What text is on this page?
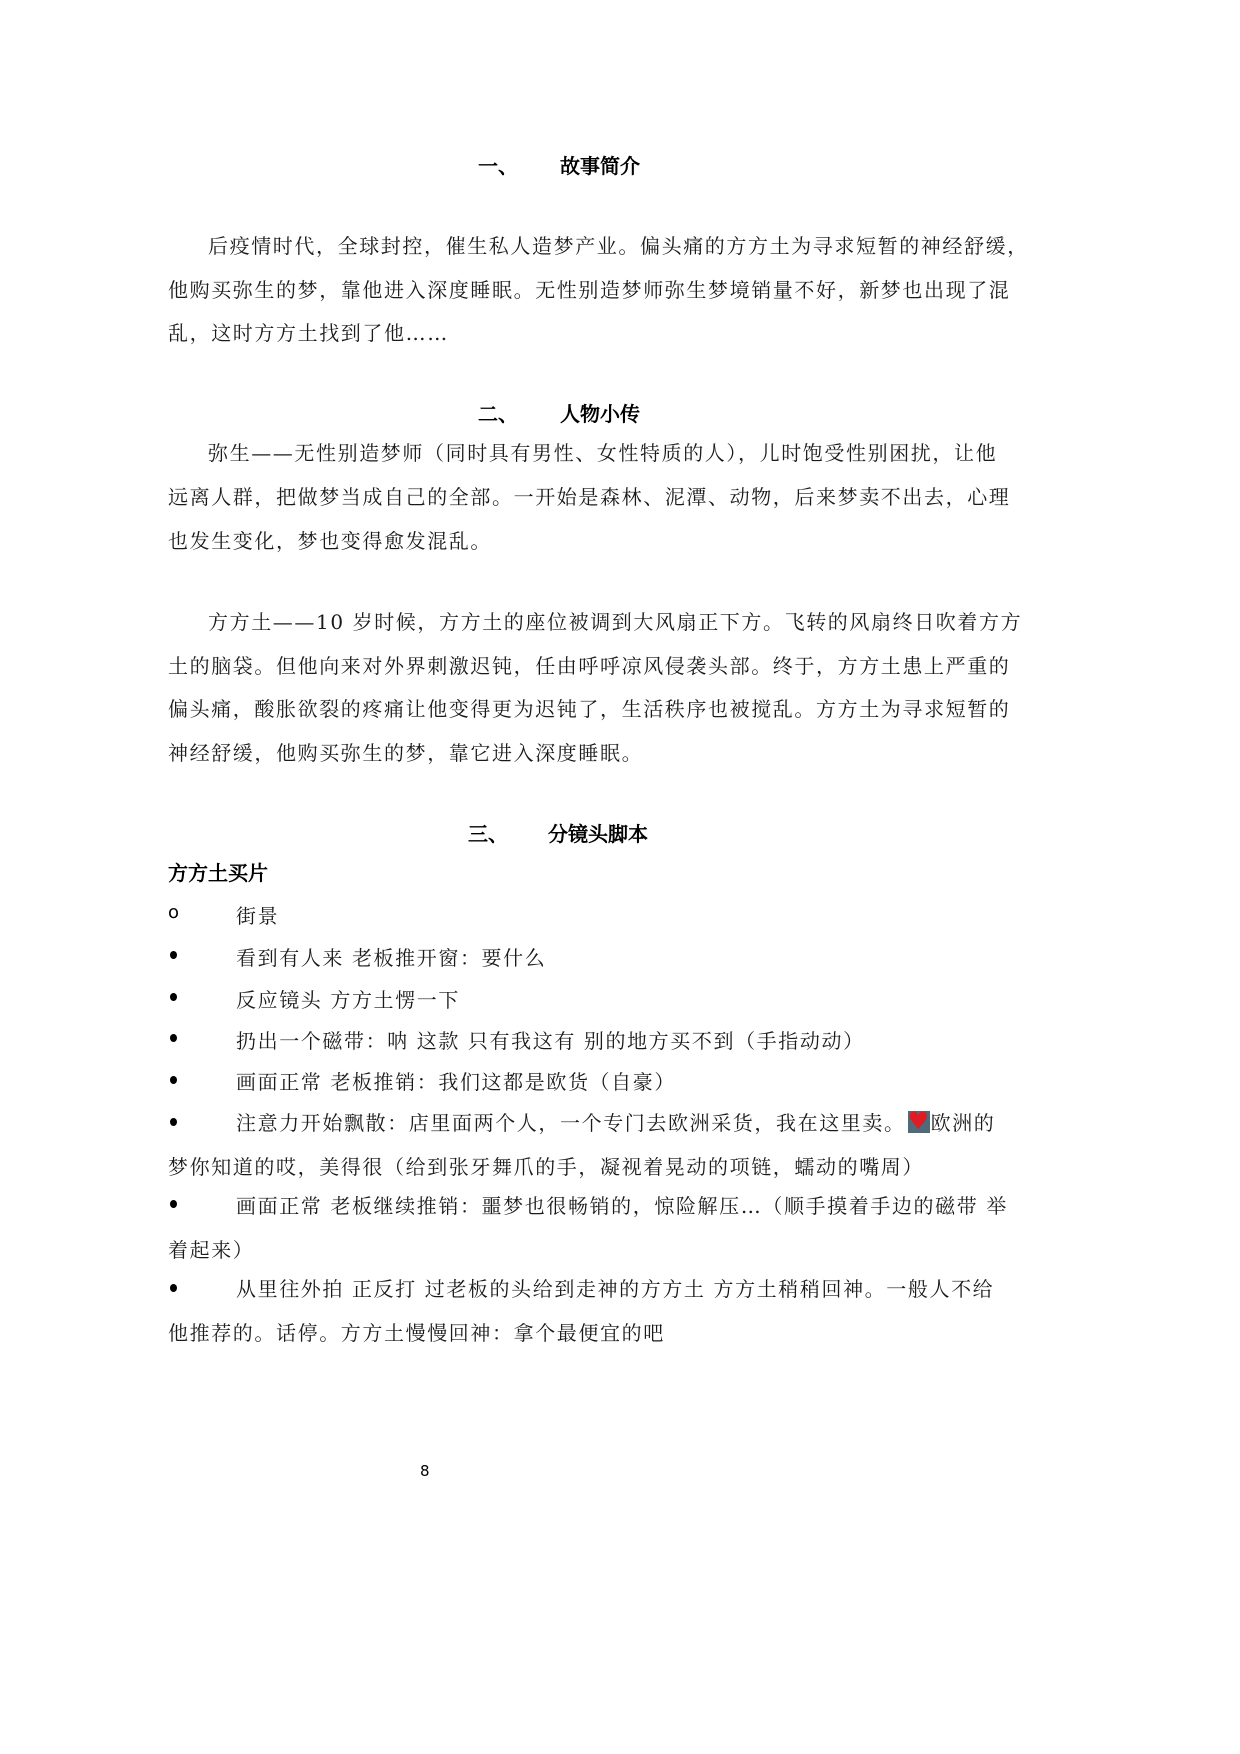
一、 故事简介
后疫情时代，全球封控，催生私人造梦产业。偏头痛的方方土为寻求短暂的神经舒缓，
他购买弥生的梦，靠他进入深度睡眠。无性别造梦师弥生梦境销量不好，新梦也出现了混
乱，这时方方土找到了他……
二、 人物小传
弥生——无性别造梦师（同时具有男性、女性特质的人），儿时饱受性别困扰，让他
远离人群，把做梦当成自己的全部。一开始是森林、泥潭、动物，后来梦卖不出去，心理
也发生变化，梦也变得愈发混乱。
方方土——10 岁时候，方方土的座位被调到大风扇正下方。飞转的风扇终日吹着方方
土的脑袋。但他向来对外界刺激迟钝，任由呼呼凉风侵袭头部。终于，方方土患上严重的
偏头痛，酸胀欲裂的疼痛让他变得更为迟钝了，生活秩序也被搅乱。方方土为寻求短暂的
神经舒缓，他购买弥生的梦，靠它进入深度睡眠。
三、 分镜头脚本
方方土买片
o	街景
看到有人来 老板推开窗：要什么
反应镜头 方方土愣一下
扔出一个磁带：呐 这款 只有我这有 别的地方买不到（手指动动）
画面正常 老板推销：我们这都是欧货（自豪）
注意力开始飘散：店里面两个人，一个专门去欧洲采货，我在这里卖。 ♥ 欧洲的
梦你知道的哎，美得很（给到张牙舞爪的手，凝视着晃动的项链，蠕动的嘴周）
画面正常 老板继续推销：噩梦也很畅销的，惊险解压…（顺手摸着手边的磁带 举
着起来）
从里往外拍 正反打 过老板的头给到走神的方方土 方方土稍稍回神。一般人不给
他推荐的。话停。方方土慢慢回神：拿个最便宜的吧
8
